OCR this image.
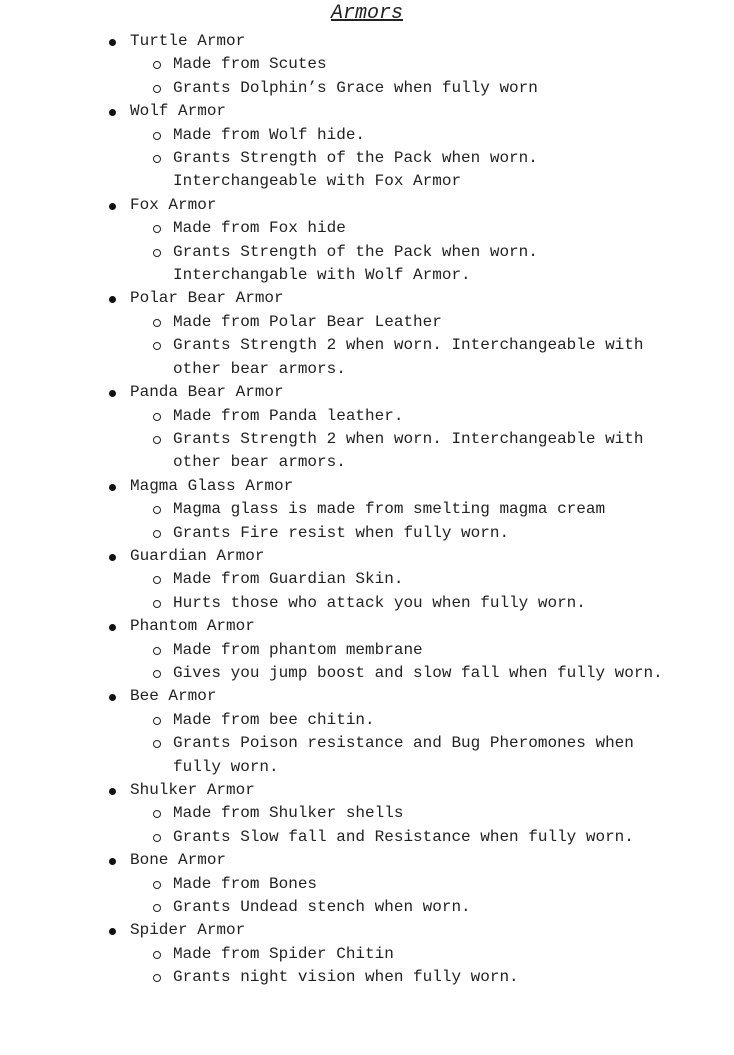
Armors
Turtle Armor
Made from Scutes
Grants Dolphin’s Grace when fully worn
Wolf Armor
Made from Wolf hide.
Grants Strength of the Pack when worn. Interchangeable with Fox Armor
Fox Armor
Made from Fox hide
Grants Strength of the Pack when worn. Interchangable with Wolf Armor.
Polar Bear Armor
Made from Polar Bear Leather
Grants Strength 2 when worn. Interchangeable with other bear armors.
Panda Bear Armor
Made from Panda leather.
Grants Strength 2 when worn. Interchangeable with other bear armors.
Magma Glass Armor
Magma glass is made from smelting magma cream
Grants Fire resist when fully worn.
Guardian Armor
Made from Guardian Skin.
Hurts those who attack you when fully worn.
Phantom Armor
Made from phantom membrane
Gives you jump boost and slow fall when fully worn.
Bee Armor
Made from bee chitin.
Grants Poison resistance and Bug Pheromones when fully worn.
Shulker Armor
Made from Shulker shells
Grants Slow fall and Resistance when fully worn.
Bone Armor
Made from Bones
Grants Undead stench when worn.
Spider Armor
Made from Spider Chitin
Grants night vision when fully worn.
